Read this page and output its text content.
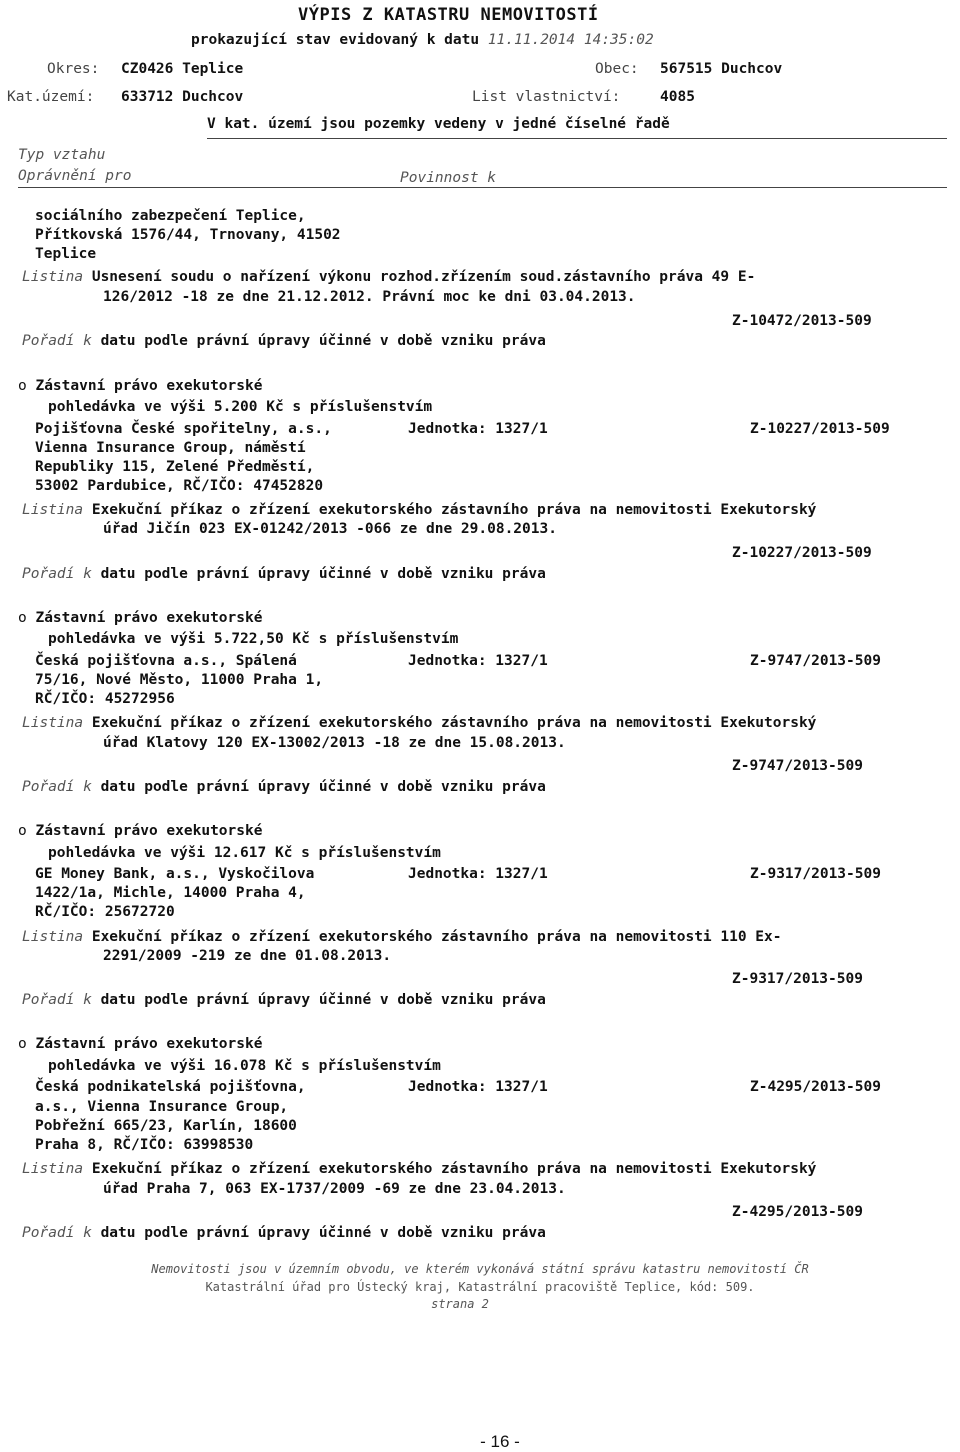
VÝPIS Z KATASTRU NEMOVITOSTÍ
prokazující stav evidovaný k datu 11.11.2014 14:35:02
Okres: CZ0426 Teplice	Obec: 567515 Duchcov
Kat.území: 633712 Duchcov	List vlastnictví:	4085
V kat. území jsou pozemky vedeny v jedné číselné řadě
Typ vztahu
Oprávnění pro	Povinnost k
sociálního zabezpečení Teplice,
Přítkovská 1576/44, Trnovany, 41502
Teplice
Listina Usnesení soudu o nařízení výkonu rozhod.zřízením soud.zástavního práva 49 E-
126/2012 -18 ze dne 21.12.2012. Právní moc ke dni 03.04.2013.
Z-10472/2013-509
Pořadí k datu podle právní úpravy účinné v době vzniku práva
o Zástavní právo exekutorské
pohledávka ve výši 5.200 Kč s příslušenstvím
Pojišťovna České spořitelny, a.s.,	Jednotka: 1327/1	Z-10227/2013-509
Vienna Insurance Group, náměstí
Republiky 115, Zelené Předměstí,
53002 Pardubice, RČ/IČO: 47452820
Listina Exekuční příkaz o zřízení exekutorského zástavního práva na nemovitosti Exekutorský
úřad Jičín 023 EX-01242/2013 -066 ze dne 29.08.2013.
Z-10227/2013-509
Pořadí k datu podle právní úpravy účinné v době vzniku práva
o Zástavní právo exekutorské
pohledávka ve výši 5.722,50 Kč s příslušenstvím
Česká pojišťovna a.s., Spálená	Jednotka: 1327/1	Z-9747/2013-509
75/16, Nové Město, 11000 Praha 1,
RČ/IČO: 45272956
Listina Exekuční příkaz o zřízení exekutorského zástavního práva na nemovitosti Exekutorský
úřad Klatovy 120 EX-13002/2013 -18 ze dne 15.08.2013.
Z-9747/2013-509
Pořadí k datu podle právní úpravy účinné v době vzniku práva
o Zástavní právo exekutorské
pohledávka ve výši 12.617 Kč s příslušenstvím
GE Money Bank, a.s., Vyskočilova	Jednotka: 1327/1	Z-9317/2013-509
1422/1a, Michle, 14000 Praha 4,
RČ/IČO: 25672720
Listina Exekuční příkaz o zřízení exekutorského zástavního práva na nemovitosti 110 Ex-
2291/2009 -219 ze dne 01.08.2013.
Z-9317/2013-509
Pořadí k datu podle právní úpravy účinné v době vzniku práva
o Zástavní právo exekutorské
pohledávka ve výši 16.078 Kč s příslušenstvím
Česká podnikatelská pojišťovna,	Jednotka: 1327/1	Z-4295/2013-509
a.s., Vienna Insurance Group,
Pobřežní 665/23, Karlín, 18600
Praha 8, RČ/IČO: 63998530
Listina Exekuční příkaz o zřízení exekutorského zástavního práva na nemovitosti Exekutorský
úřad Praha 7, 063 EX-1737/2009 -69 ze dne 23.04.2013.
Z-4295/2013-509
Pořadí k datu podle právní úpravy účinné v době vzniku práva
Nemovitosti jsou v územním obvodu, ve kterém vykonává státní správu katastru nemovitostí ČR
Katastrální úřad pro Ústecký kraj, Katastrální pracoviště Teplice, kód: 509.
strana 2
- 16 -
